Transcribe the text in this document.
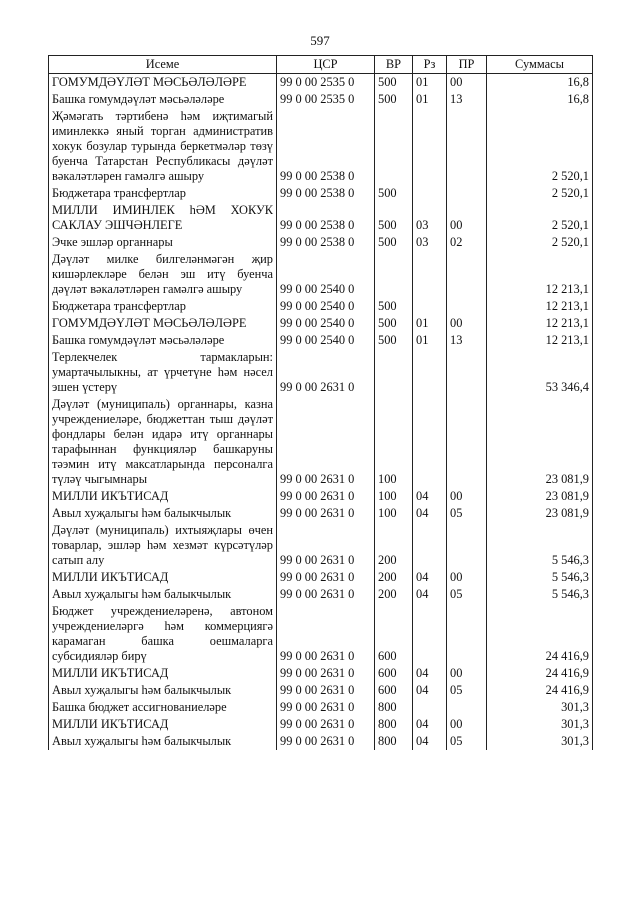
597
Исеме	ЦСР	ВР	Рз	ПР	Суммасы
ГОМУМДӘҮЛӘТ МӘСЬӘЛӘЛӘРЕ	99 0 00 2535 0	500	01	00	16,8
Башка гомумдәүләт мәсьәләләре	99 0 00 2535 0	500	01	13	16,8
Җәмәгать тәртибенә һәм иҗтимагый иминлеккә яный торган административ хокук бозулар турында беркетмәләр төзү буенча Татарстан Республикасы дәүләт вәкаләтләрен гамәлгә ашыру	99 0 00 2538 0				2 520,1
Бюджетара трансфертлар	99 0 00 2538 0	500			2 520,1
МИЛЛИ ИМИНЛЕК һӘМ ХОКУК САКЛАУ ЭШЧӘНЛЕГЕ	99 0 00 2538 0	500	03	00	2 520,1
Эчке эшләр органнары	99 0 00 2538 0	500	03	02	2 520,1
Дәүләт милке билгеләнмәгән җир кишәрлекләре белән эш итү буенча дәүләт вәкаләтләрен гамәлгә ашыру	99 0 00 2540 0				12 213,1
Бюджетара трансфертлар	99 0 00 2540 0	500			12 213,1
ГОМУМДӘҮЛӘТ МӘСЬӘЛӘЛӘРЕ	99 0 00 2540 0	500	01	00	12 213,1
Башка гомумдәүләт мәсьәләләре	99 0 00 2540 0	500	01	13	12 213,1
Терлекчелек тармакларын: умартачылыкны, ат үрчетүне һәм нәсел эшен үстерү	99 0 00 2631 0				53 346,4
Дәүләт (муниципаль) органнары, казна учреждениеләре, бюджеттан тыш дәүләт фондлары белән идарә итү органнары тарафыннан функцияләр башкаруны тәэмин итү максатларында персоналга түләү чыгымнары	99 0 00 2631 0	100			23 081,9
МИЛЛИ ИКЪТИСАД	99 0 00 2631 0	100	04	00	23 081,9
Авыл хуҗалыгы һәм балыкчылык	99 0 00 2631 0	100	04	05	23 081,9
Дәүләт (муниципаль) ихтыяҗлары өчен товарлар, эшләр һәм хезмәт күрсәтүләр сатып алу	99 0 00 2631 0	200			5 546,3
МИЛЛИ ИКЪТИСАД	99 0 00 2631 0	200	04	00	5 546,3
Авыл хуҗалыгы һәм балыкчылык	99 0 00 2631 0	200	04	05	5 546,3
Бюджет учреждениеләренә, автоном учреждениеләргә һәм коммерциягә карамаган башка оешмаларга субсидияләр бирү	99 0 00 2631 0	600			24 416,9
МИЛЛИ ИКЪТИСАД	99 0 00 2631 0	600	04	00	24 416,9
Авыл хуҗалыгы һәм балыкчылык	99 0 00 2631 0	600	04	05	24 416,9
Башка бюджет ассигнованиеләре	99 0 00 2631 0	800			301,3
МИЛЛИ ИКЪТИСАД	99 0 00 2631 0	800	04	00	301,3
Авыл хуҗалыгы һәм балыкчылык	99 0 00 2631 0	800	04	05	301,3
